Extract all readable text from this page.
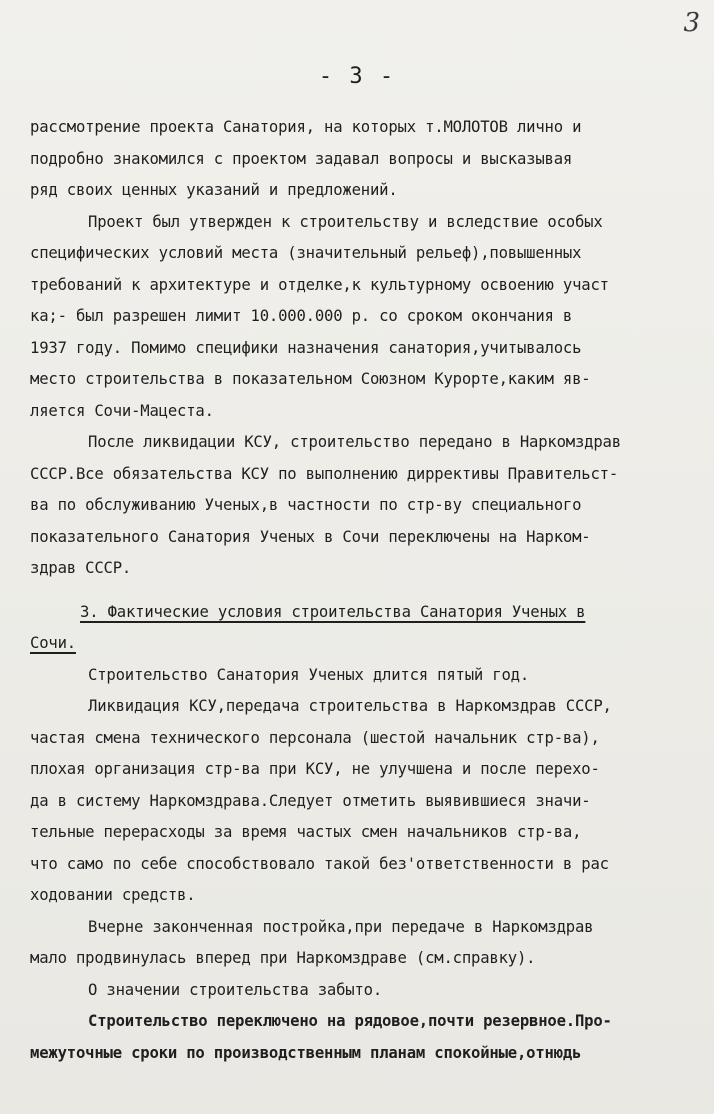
3
- 3 -
рассмотрение проекта Санатория, на которых т.МОЛОТОВ лично и
подробно знакомился с проектом задавал вопросы и высказывая
ряд своих ценных указаний и предложений.
Проект был утвержден к строительству и вследствие особых
специфических условий места (значительный рельеф),повышенных
требований к архитектуре и отделке,к культурному освоению участ
ка;- был разрешен лимит 10.000.000 р. со сроком окончания в
1937 году. Помимо специфики назначения санатория,учитывалось
место строительства в показательном Союзном Курорте,каким яв-
ляется Сочи-Мацеста.
После ликвидации КСУ, строительство передано в Наркомздрав
СССР.Все обязательства КСУ по выполнению диррективы Правительст-
ва по обслуживанию Ученых,в частности по стр-ву специального
показательного Санатория Ученых в Сочи переключены на Нарком-
здрав СССР.
3. Фактические условия строительства Санатория Ученых в
Сочи.
Строительство Санатория Ученых длится пятый год.
Ликвидация КСУ,передача строительства в Наркомздрав СССР,
частая смена технического персонала (шестой начальник стр-ва),
плохая организация стр-ва при КСУ, не улучшена и после перехо-
да в систему Наркомздрава.Следует отметить выявившиеся значи-
тельные перерасходы за время частых смен начальников стр-ва,
что само по себе способствовало такой без'ответственности в рас
ходовании средств.
Вчерне законченная постройка,при передаче в Наркомздрав
мало продвинулась вперед при Наркомздраве (см.справку).
О значении строительства забыто.
Строительство переключено на рядовое,почти резервное.Про-
межуточные сроки по производственным планам спокойные,отнюдь
